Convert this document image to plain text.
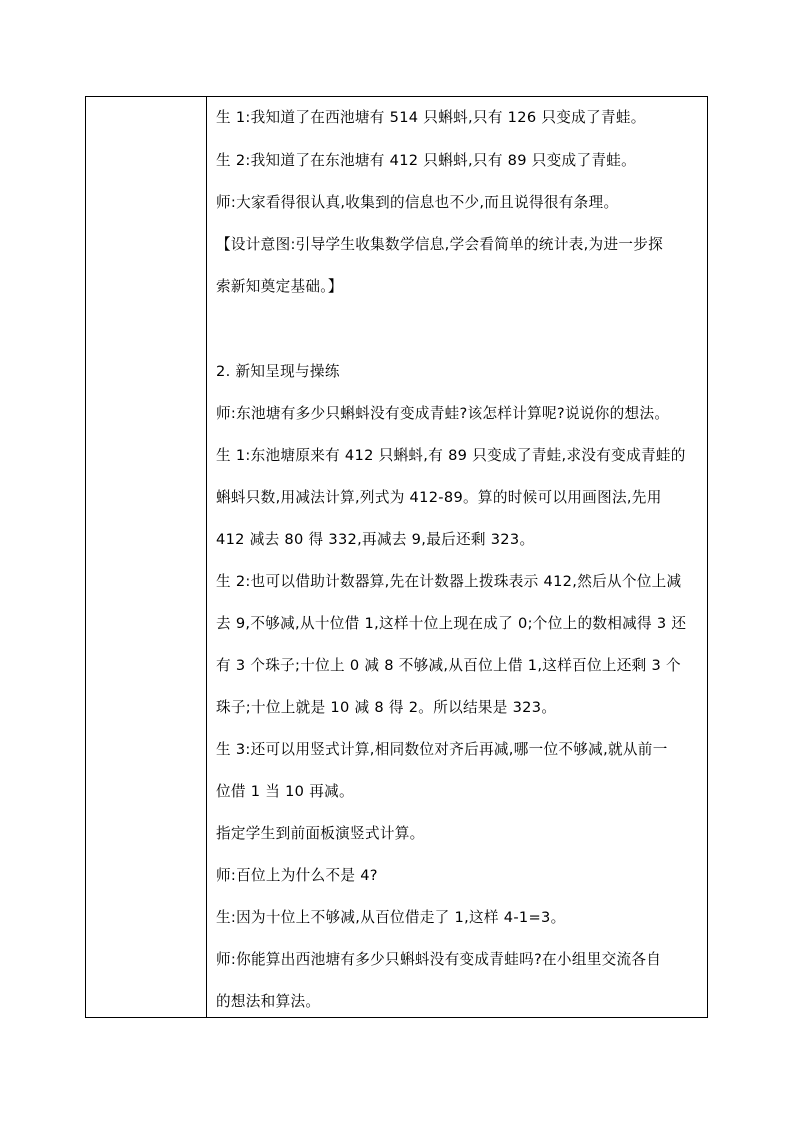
生 1:我知道了在西池塘有 514 只蝌蚪,只有 126 只变成了青蛙。
生 2:我知道了在东池塘有 412 只蝌蚪,只有 89 只变成了青蛙。
师:大家看得很认真,收集到的信息也不少,而且说得很有条理。
【设计意图:引导学生收集数学信息,学会看简单的统计表,为进一步探
索新知奠定基础。】
2. 新知呈现与操练
师:东池塘有多少只蝌蚪没有变成青蛙?该怎样计算呢?说说你的想法。
生 1:东池塘原来有 412 只蝌蚪,有 89 只变成了青蛙,求没有变成青蛙的
蝌蚪只数,用减法计算,列式为 412-89。算的时候可以用画图法,先用
412 减去 80 得 332,再减去 9,最后还剩 323。
生 2:也可以借助计数器算,先在计数器上拨珠表示 412,然后从个位上减
去 9,不够减,从十位借 1,这样十位上现在成了 0;个位上的数相减得 3 还
有 3 个珠子;十位上 0 减 8 不够减,从百位上借 1,这样百位上还剩 3 个
珠子;十位上就是 10 减 8 得 2。所以结果是 323。
生 3:还可以用竖式计算,相同数位对齐后再减,哪一位不够减,就从前一
位借 1 当 10 再减。
指定学生到前面板演竖式计算。
师:百位上为什么不是 4?
生:因为十位上不够减,从百位借走了 1,这样 4-1=3。
师:你能算出西池塘有多少只蝌蚪没有变成青蛙吗?在小组里交流各自
的想法和算法。
